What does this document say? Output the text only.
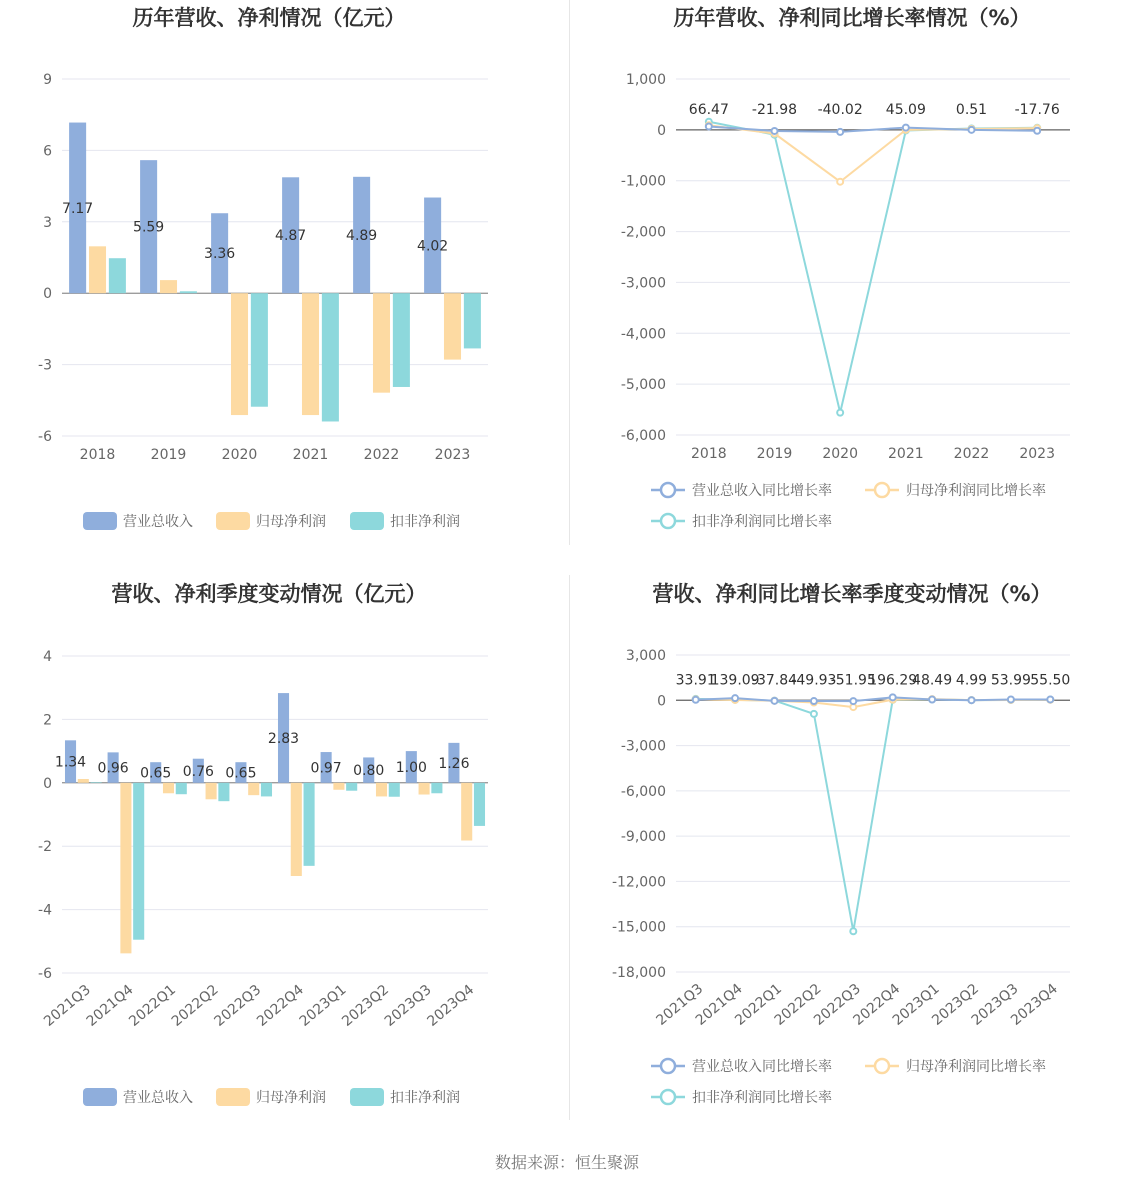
历年营收、净利情况（亿元）
-6
-3
0
3
6
9
2018	2019	2020	2021	2022	2023
7.17
5.59
3.36
4.87	4.89
4.02
营业总收入	归母净利润	扣非净利润
历年营收、净利同比增长率情况（%）
-6,000
-5,000
-4,000
-3,000
-2,000
-1,000
0
1,000
2018 2019 2020 2021 2022 2023
66.47 -21.98 -40.02 45.09 0.51 -17.76
营业总收入同比增长率	归母净利润同比增长率
扣非净利润同比增长率
营收、净利季度变动情况（亿元）
-6
-4
-2
0
2
4
2021Q3
2021Q4
2022Q1
2022Q2
2022Q3
2022Q4
2023Q1
2023Q2
2023Q3
2023Q4
1.34 0.96 0.65 0.76 0.65
2.83
0.97 0.80 1.00 1.26
营业总收入	归母净利润	扣非净利润
营收、净利同比增长率季度变动情况（%）
-18,000
-15,000
-12,000
-9,000
-6,000
-3,000
0
3,000
2021Q3
2021Q4
2022Q1
2022Q2
2022Q3
2022Q4
2023Q1
2023Q2
2023Q3
2023Q4
33.91
139.09
-37.84
-49.93
-51.95
196.29
48.49 4.99 53.99 55.50
营业总收入同比增长率	归母净利润同比增长率
扣非净利润同比增长率
数据来源：恒生聚源
